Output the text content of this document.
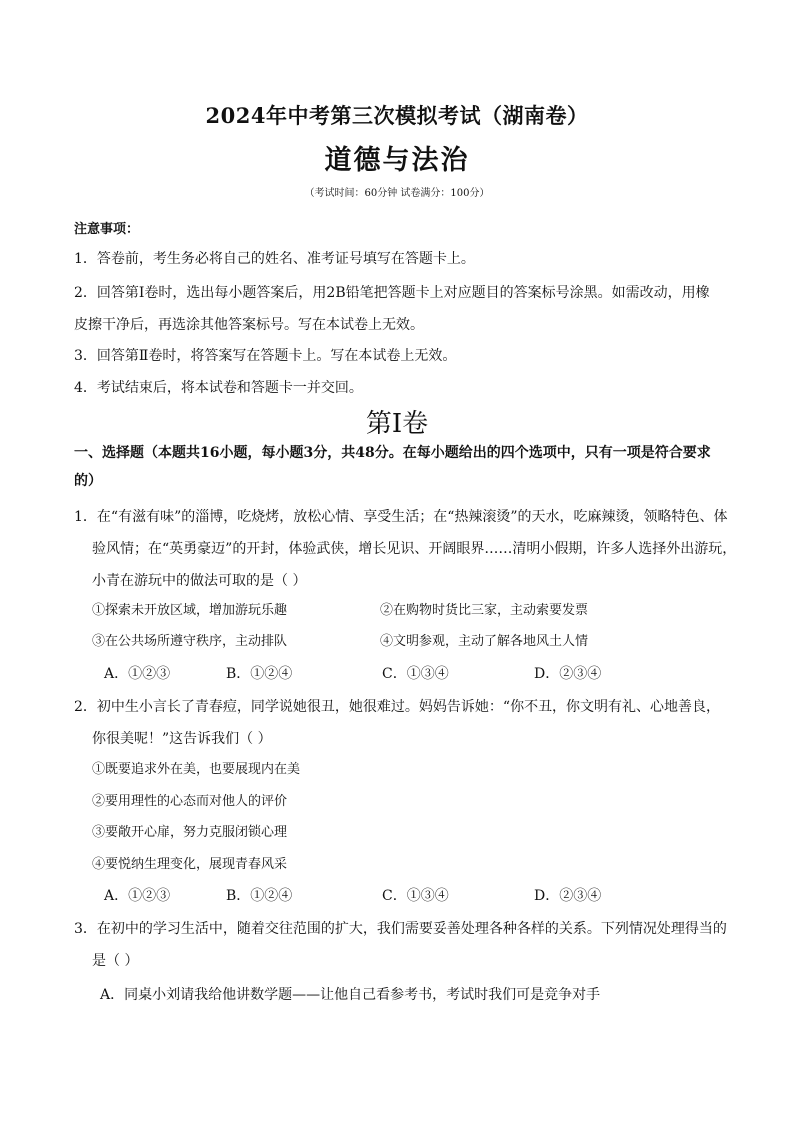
2024年中考第三次模拟考试（湖南卷）
道德与法治
（考试时间：60分钟 试卷满分：100分）
注意事项：
1．答卷前，考生务必将自己的姓名、准考证号填写在答题卡上。
2．回答第Ⅰ卷时，选出每小题答案后，用2B铅笔把答题卡上对应题目的答案标号涂黑。如需改动，用橡
皮擦干净后，再选涂其他答案标号。写在本试卷上无效。
3．回答第Ⅱ卷时，将答案写在答题卡上。写在本试卷上无效。
4．考试结束后，将本试卷和答题卡一并交回。
第Ⅰ卷
一、选择题（本题共16小题，每小题3分，共48分。在每小题给出的四个选项中，只有一项是符合要求
的）
1．在“有滋有味”的淄博，吃烧烤，放松心情、享受生活；在“热辣滚烫”的天水，吃麻辣烫，领略特色、体
验风情；在“英勇豪迈”的开封，体验武侠，增长见识、开阔眼界……清明小假期，许多人选择外出游玩，
小青在游玩中的做法可取的是（ ）
①探索未开放区域，增加游玩乐趣	②在购物时货比三家，主动索要发票
③在公共场所遵守秩序，主动排队	④文明参观，主动了解各地风土人情
A．①②③	B．①②④	C．①③④	D．②③④
2．初中生小言长了青春痘，同学说她很丑，她很难过。妈妈告诉她：“你不丑，你文明有礼、心地善良，
你很美呢！”这告诉我们（ ）
①既要追求外在美，也要展现内在美
②要用理性的心态而对他人的评价
③要敞开心扉，努力克服闭锁心理
④要悦纳生理变化，展现青春风采
A．①②③	B．①②④	C．①③④	D．②③④
3．在初中的学习生活中，随着交往范围的扩大，我们需要妥善处理各种各样的关系。下列情况处理得当的
是（ ）
A．同桌小刘请我给他讲数学题——让他自己看参考书，考试时我们可是竞争对手
